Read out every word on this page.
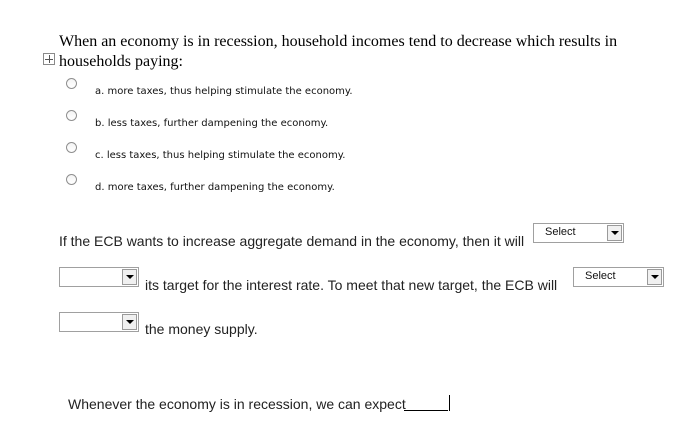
When an economy is in recession, household incomes tend to decrease which results in
households paying:
a. more taxes, thus helping stimulate the economy.
b. less taxes, further dampening the economy.
c. less taxes, thus helping stimulate the economy.
d. more taxes, further dampening the economy.
If the ECB wants to increase aggregate demand in the economy, then it will
Select
its target for the interest rate. To meet that new target, the ECB will
Select
the money supply.
Whenever the economy is in recession, we can expect
